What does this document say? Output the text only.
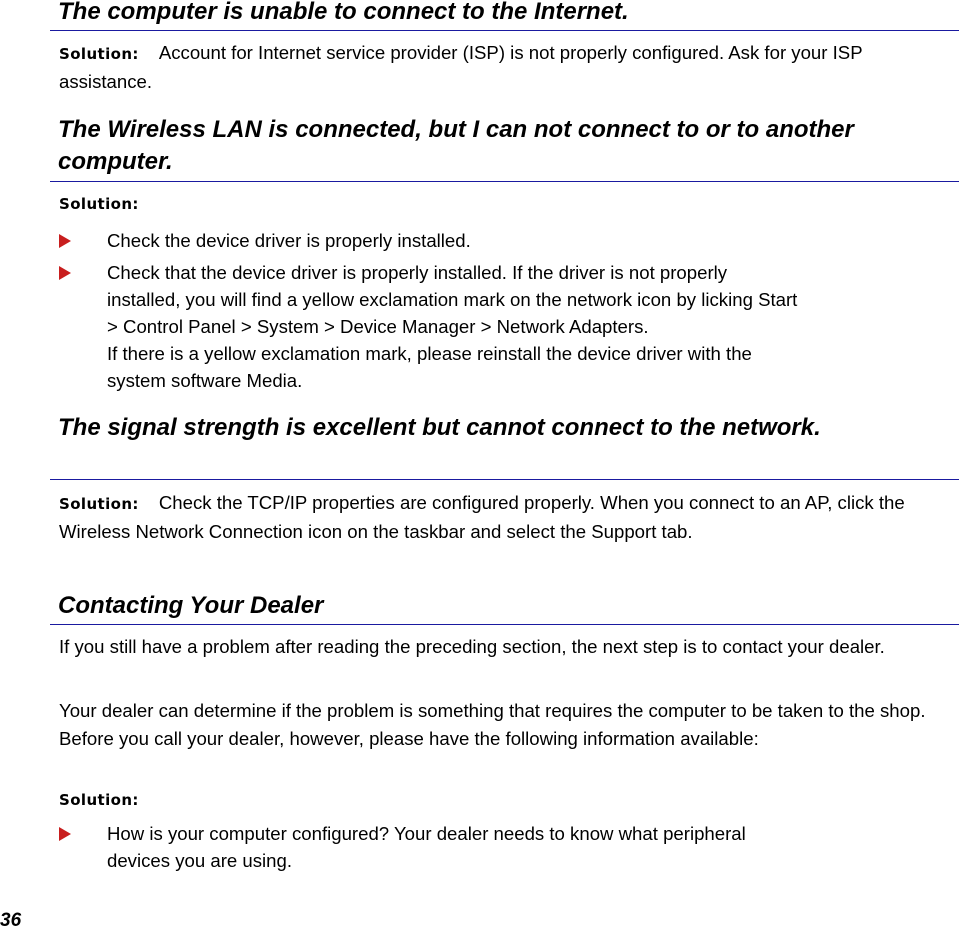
The computer is unable to connect to the Internet.

Solution: Account for Internet service provider (ISP) is not properly configured. Ask for your ISP assistance.

The Wireless LAN is connected, but I can not connect to or to another computer.
Solution:
Check the device driver is properly installed.
Check that the device driver is properly installed. If the driver is not properly
installed, you will find a yellow exclamation mark on the network icon by licking Start
> Control Panel > System > Device Manager > Network Adapters.
If there is a yellow exclamation mark, please reinstall the device driver with the
system software Media.
The signal strength is excellent but cannot connect to the network.

Solution: Check the TCP/IP properties are configured properly. When you connect to an AP, click the Wireless Network Connection icon on the taskbar and select the Support tab.

Contacting Your Dealer

If you still have a problem after reading the preceding section, the next step is to contact your dealer.

Your dealer can determine if the problem is something that requires the computer to be taken to the shop. Before you call your dealer, however, please have the following information available:

Solution:
How is your computer configured? Your dealer needs to know what peripheral
devices you are using.
36
